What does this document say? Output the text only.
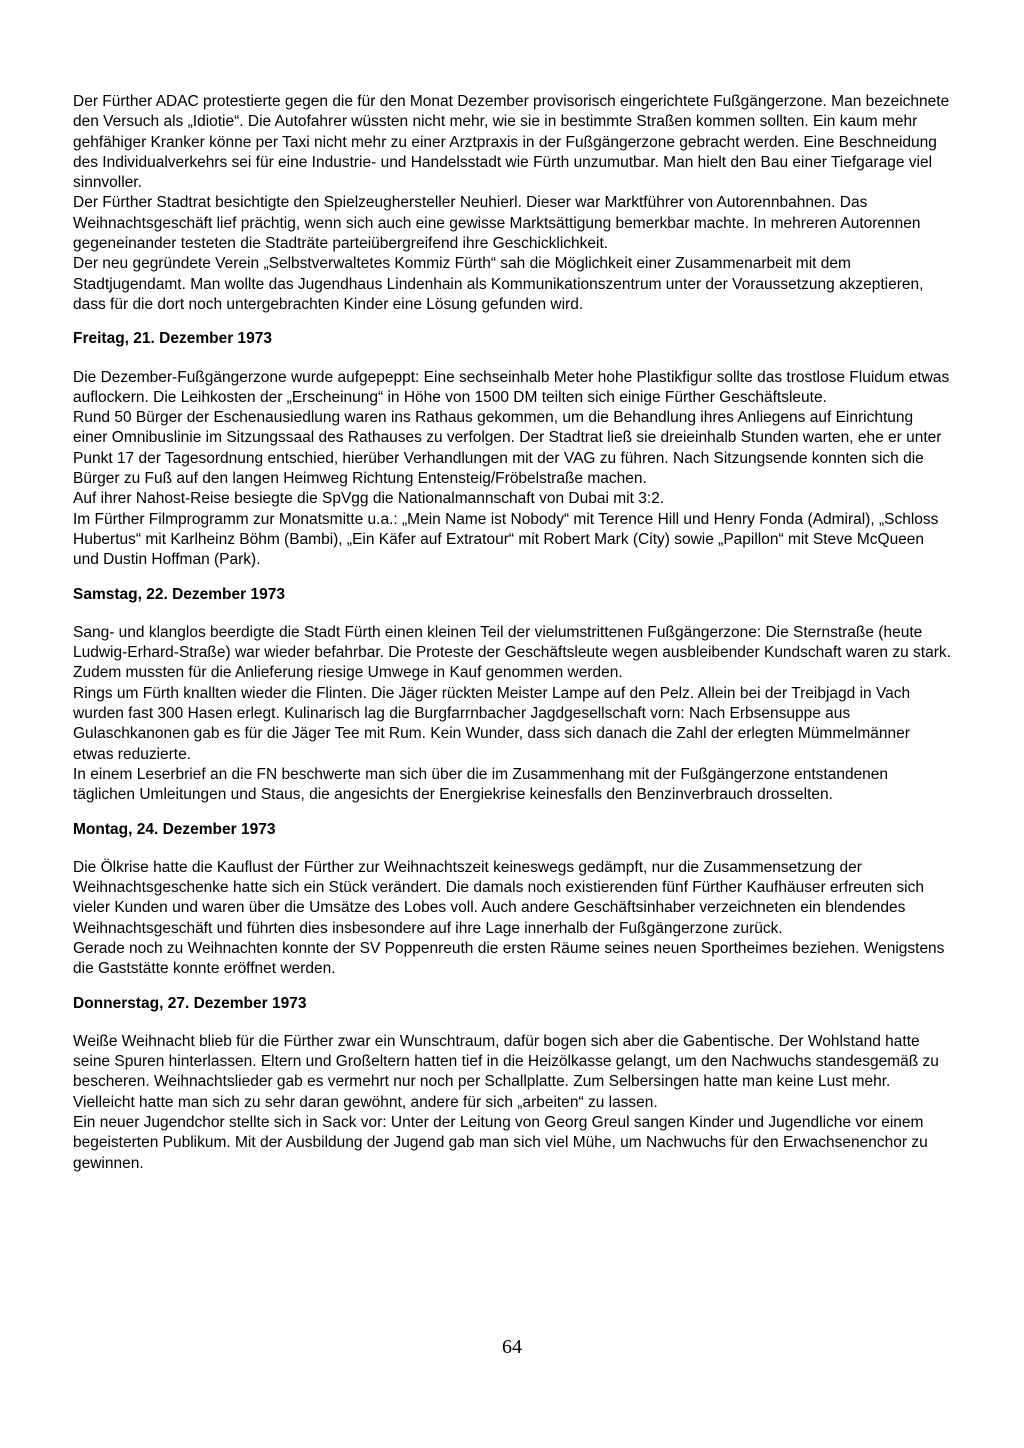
Der Fürther ADAC protestierte gegen die für den Monat Dezember provisorisch eingerichtete Fußgängerzone. Man bezeichnete den Versuch als „Idiotie“. Die Autofahrer wüssten nicht mehr, wie sie in bestimmte Straßen kommen sollten. Ein kaum mehr gehfähiger Kranker könne per Taxi nicht mehr zu einer Arztpraxis in der Fußgängerzone gebracht werden. Eine Beschneidung des Individualverkehrs sei für eine Industrie- und Handelsstadt wie Fürth unzumutbar. Man hielt den Bau einer Tiefgarage viel sinnvoller.

Der Fürther Stadtrat besichtigte den Spielzeughersteller Neuhierl. Dieser war Marktführer von Autorennbahnen. Das Weihnachtsgeschäft lief prächtig, wenn sich auch eine gewisse Marktsättigung bemerkbar machte. In mehreren Autorennen gegeneinander testeten die Stadträte parteiübergreifend ihre Geschicklichkeit.

Der neu gegründete Verein „Selbstverwaltetes Kommiz Fürth“ sah die Möglichkeit einer Zusammenarbeit mit dem Stadtjugendamt. Man wollte das Jugendhaus Lindenhain als Kommunikationszentrum unter der Voraussetzung akzeptieren, dass für die dort noch untergebrachten Kinder eine Lösung gefunden wird.

Freitag, 21. Dezember 1973

Die Dezember-Fußgängerzone wurde aufgepeppt: Eine sechseinhalb Meter hohe Plastikfigur sollte das trostlose Fluidum etwas auflockern. Die Leihkosten der „Erscheinung“ in Höhe von 1500 DM teilten sich einige Fürther Geschäftsleute.

Rund 50 Bürger der Eschenausiedlung waren ins Rathaus gekommen, um die Behandlung ihres Anliegens auf Einrichtung einer Omnibuslinie im Sitzungssaal des Rathauses zu verfolgen. Der Stadtrat ließ sie dreieinhalb Stunden warten, ehe er unter Punkt 17 der Tagesordnung entschied, hierüber Verhandlungen mit der VAG zu führen. Nach Sitzungsende konnten sich die Bürger zu Fuß auf den langen Heimweg Richtung Entensteig/Fröbelstraße machen.

Auf ihrer Nahost-Reise besiegte die SpVgg die Nationalmannschaft von Dubai mit 3:2.

Im Fürther Filmprogramm zur Monatsmitte u.a.: „Mein Name ist Nobody“ mit Terence Hill und Henry Fonda (Admiral), „Schloss Hubertus“ mit Karlheinz Böhm (Bambi), „Ein Käfer auf Extratour“ mit Robert Mark (City) sowie „Papillon“ mit Steve McQueen und Dustin Hoffman (Park).

Samstag, 22. Dezember 1973

Sang- und klanglos beerdigte die Stadt Fürth einen kleinen Teil der vielumstrittenen Fußgängerzone: Die Sternstraße (heute Ludwig-Erhard-Straße) war wieder befahrbar. Die Proteste der Geschäftsleute wegen ausbleibender Kundschaft waren zu stark. Zudem mussten für die Anlieferung riesige Umwege in Kauf genommen werden.

Rings um Fürth knallten wieder die Flinten. Die Jäger rückten Meister Lampe auf den Pelz. Allein bei der Treibjagd in Vach wurden fast 300 Hasen erlegt. Kulinarisch lag die Burgfarrnbacher Jagdgesellschaft vorn: Nach Erbsensuppe aus Gulaschkanonen gab es für die Jäger Tee mit Rum. Kein Wunder, dass sich danach die Zahl der erlegten Mümmelmänner etwas reduzierte.

In einem Leserbrief an die FN beschwerte man sich über die im Zusammenhang mit der Fußgängerzone entstandenen täglichen Umleitungen und Staus, die angesichts der Energiekrise keinesfalls den Benzinverbrauch drosselten.

Montag, 24. Dezember 1973

Die Ölkrise hatte die Kauflust der Fürther zur Weihnachtszeit keineswegs gedämpft, nur die Zusammensetzung der Weihnachtsgeschenke hatte sich ein Stück verändert. Die damals noch existierenden fünf Fürther Kaufhäuser erfreuten sich vieler Kunden und waren über die Umsätze des Lobes voll. Auch andere Geschäftsinhaber verzeichneten ein blendendes Weihnachtsgeschäft und führten dies insbesondere auf ihre Lage innerhalb der Fußgängerzone zurück.

Gerade noch zu Weihnachten konnte der SV Poppenreuth die ersten Räume seines neuen Sportheimes beziehen. Wenigstens die Gaststätte konnte eröffnet werden.

Donnerstag, 27. Dezember 1973

Weiße Weihnacht blieb für die Fürther zwar ein Wunschtraum, dafür bogen sich aber die Gabentische. Der Wohlstand hatte seine Spuren hinterlassen. Eltern und Großeltern hatten tief in die Heizölkasse gelangt, um den Nachwuchs standesgemäß zu bescheren. Weihnachtslieder gab es vermehrt nur noch per Schallplatte. Zum Selbersingen hatte man keine Lust mehr. Vielleicht hatte man sich zu sehr daran gewöhnt, andere für sich „arbeiten“ zu lassen.

Ein neuer Jugendchor stellte sich in Sack vor: Unter der Leitung von Georg Greul sangen Kinder und Jugendliche vor einem begeisterten Publikum. Mit der Ausbildung der Jugend gab man sich viel Mühe, um Nachwuchs für den Erwachsenenchor zu gewinnen.

64
